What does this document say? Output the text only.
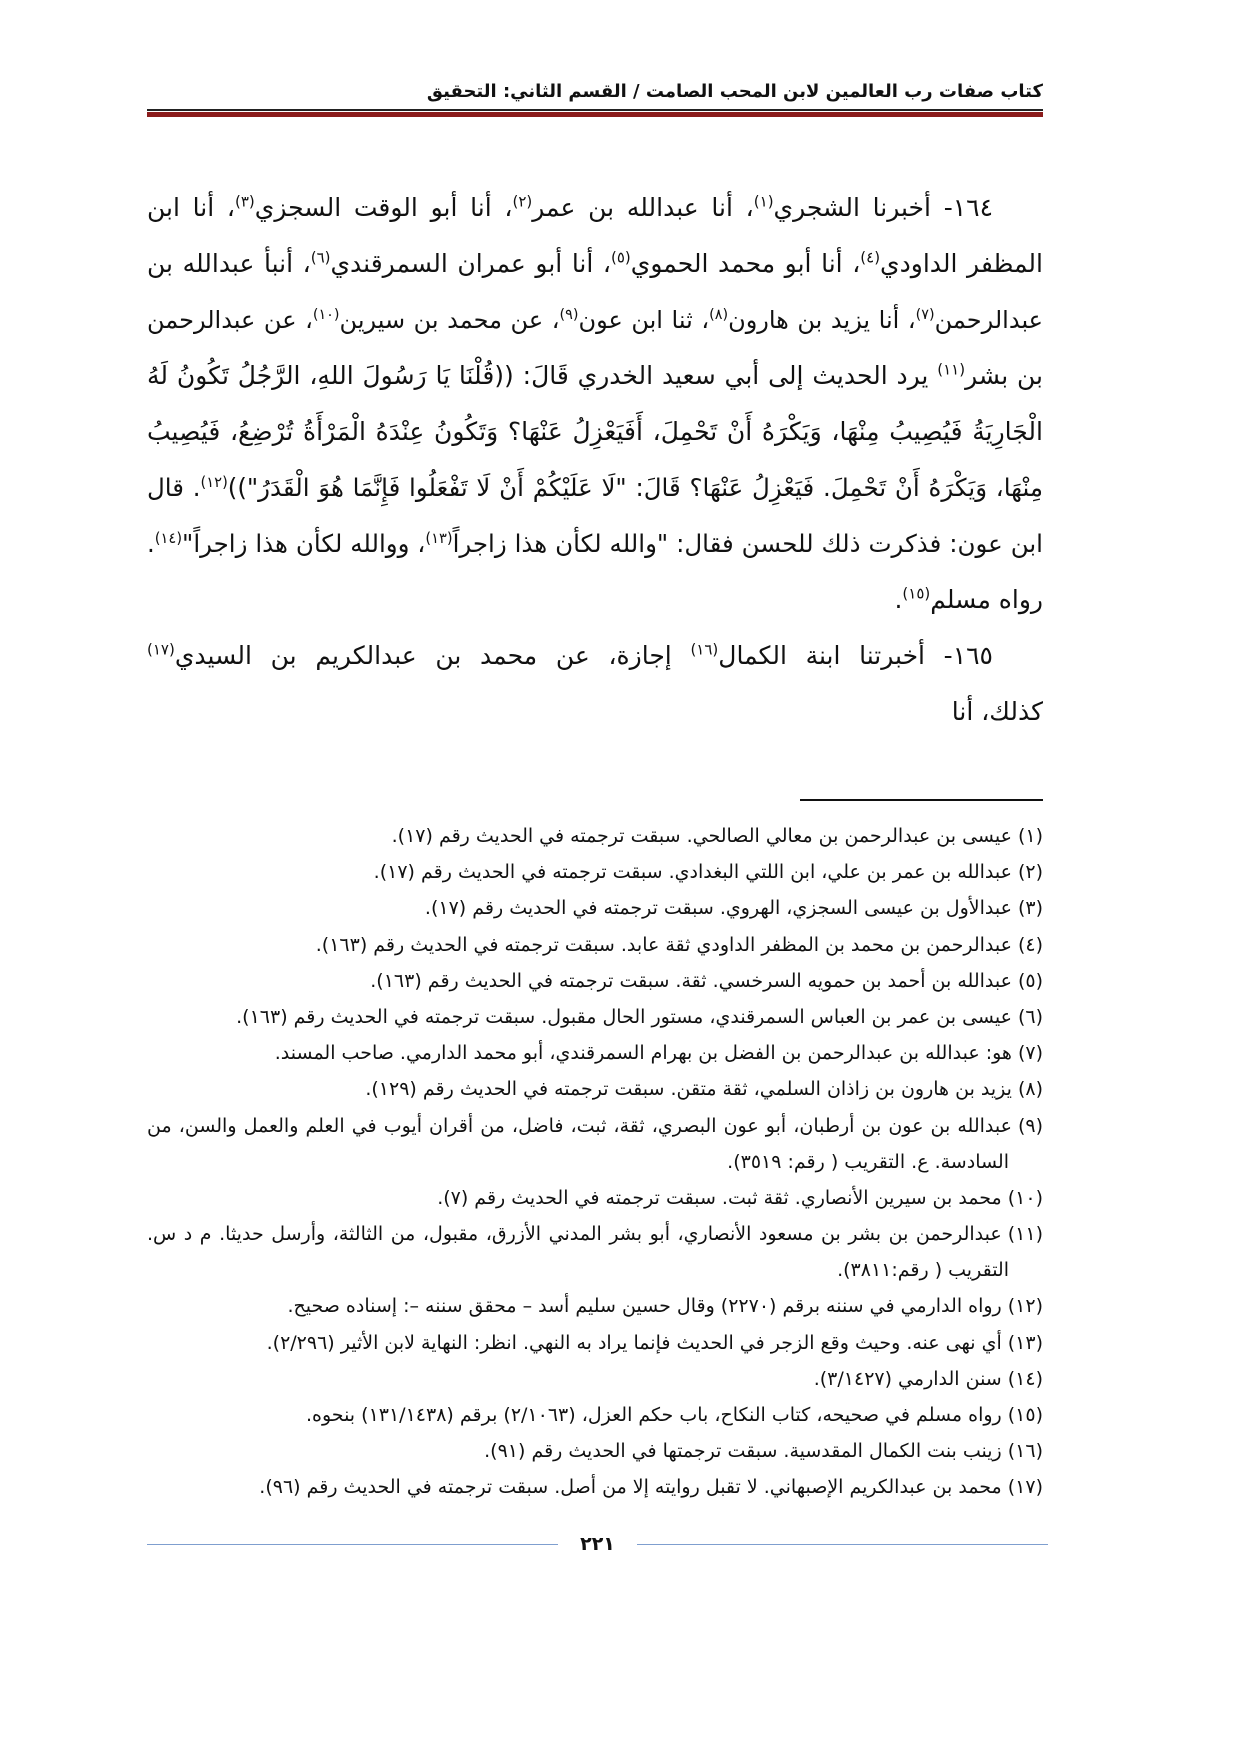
كتاب صفات رب العالمين لابن المحب الصامت / القسم الثاني: التحقيق
١٦٤- أخبرنا الشجري$^{(١)}$، أنا عبدالله بن عمر$^{(٢)}$، أنا أبو الوقت السجزي$^{(٣)}$، أنا ابن
المظفر الداودي$^{(٤)}$، أنا أبو محمد الحموي$^{(٥)}$، أنا أبو عمران السمرقندي$^{(٦)}$، أنبأ عبدالله بن
عبدالرحمن$^{(٧)}$، أنا يزيد بن هارون$^{(٨)}$، ثنا ابن عون$^{(٩)}$، عن محمد بن سيرين$^{(١٠)}$، عن عبدالرحمن
بن بشر$^{(١١)}$ يرد الحديث إلى أبي سعيد الخدري قَالَ: ((قُلْنَا يَا رَسُولَ اللهِ، الرَّجُلُ تَكُونُ لَهُ
الْجَارِيَةُ فَيُصِيبُ مِنْهَا، وَيَكْرَهُ أَنْ تَحْمِلَ، أَفَيَعْزِلُ عَنْهَا؟ وَتَكُونُ عِنْدَهُ الْمَرْأَةُ تُرْضِعُ، فَيُصِيبُ
مِنْهَا، وَيَكْرَهُ أَنْ تَحْمِلَ. فَيَعْزِلُ عَنْهَا؟ قَالَ: "لَا عَلَيْكُمْ أَنْ لَا تَفْعَلُوا فَإِنَّمَا هُوَ الْقَدَرُ"))$^{(١٢)}$. قال
ابن عون: فذكرت ذلك للحسن فقال: "والله لكأن هذا زاجراً$^{(١٣)}$، ووالله لكأن هذا زاجراً"$^{(١٤)}$.
رواه مسلم$^{(١٥)}$.
١٦٥- أخبرتنا ابنة الكمال$^{(١٦)}$ إجازة، عن محمد بن عبدالكريم بن السيدي$^{(١٧)}$
كذلك، أنا
(١)عيسى بن عبدالرحمن بن معالي الصالحي. سبقت ترجمته في الحديث رقم (١٧).
(٢)عبدالله بن عمر بن علي، ابن اللتي البغدادي. سبقت ترجمته في الحديث رقم (١٧).
(٣)عبدالأول بن عيسى السجزي، الهروي. سبقت ترجمته في الحديث رقم (١٧).
(٤)عبدالرحمن بن محمد بن المظفر الداودي ثقة عابد. سبقت ترجمته في الحديث رقم (١٦٣).
(٥)عبدالله بن أحمد بن حمويه السرخسي. ثقة. سبقت ترجمته في الحديث رقم (١٦٣).
(٦)عيسى بن عمر بن العباس السمرقندي، مستور الحال مقبول. سبقت ترجمته في الحديث رقم (١٦٣).
(٧)هو: عبدالله بن عبدالرحمن بن الفضل بن بهرام السمرقندي، أبو محمد الدارمي. صاحب المسند.
(٨)يزيد بن هارون بن زاذان السلمي، ثقة متقن. سبقت ترجمته في الحديث رقم (١٢٩).
(٩)عبدالله بن عون بن أرطبان، أبو عون البصري، ثقة، ثبت، فاضل، من أقران أيوب في العلم والعمل والسن، من
السادسة. ع. التقريب ( رقم: ٣٥١٩).
(١٠)محمد بن سيرين الأنصاري. ثقة ثبت. سبقت ترجمته في الحديث رقم (٧).
(١١)عبدالرحمن بن بشر بن مسعود الأنصاري، أبو بشر المدني الأزرق، مقبول، من الثالثة، وأرسل حديثا. م د س.
التقريب ( رقم:٣٨١١).
(١٢)رواه الدارمي في سننه برقم (٢٢٧٠) وقال حسين سليم أسد – محقق سننه –: إسناده صحيح.
(١٣)أي نهى عنه. وحيث وقع الزجر في الحديث فإنما يراد به النهي. انظر: النهاية لابن الأثير (٢/٢٩٦).
(١٤)سنن الدارمي (٣/١٤٢٧).
(١٥)رواه مسلم في صحيحه، كتاب النكاح، باب حكم العزل، (٢/١٠٦٣) برقم (١٣١/١٤٣٨) بنحوه.
(١٦)زينب بنت الكمال المقدسية. سبقت ترجمتها في الحديث رقم (٩١).
(١٧)محمد بن عبدالكريم الإصبهاني. لا تقبل روايته إلا من أصل. سبقت ترجمته في الحديث رقم (٩٦).
٢٢١
